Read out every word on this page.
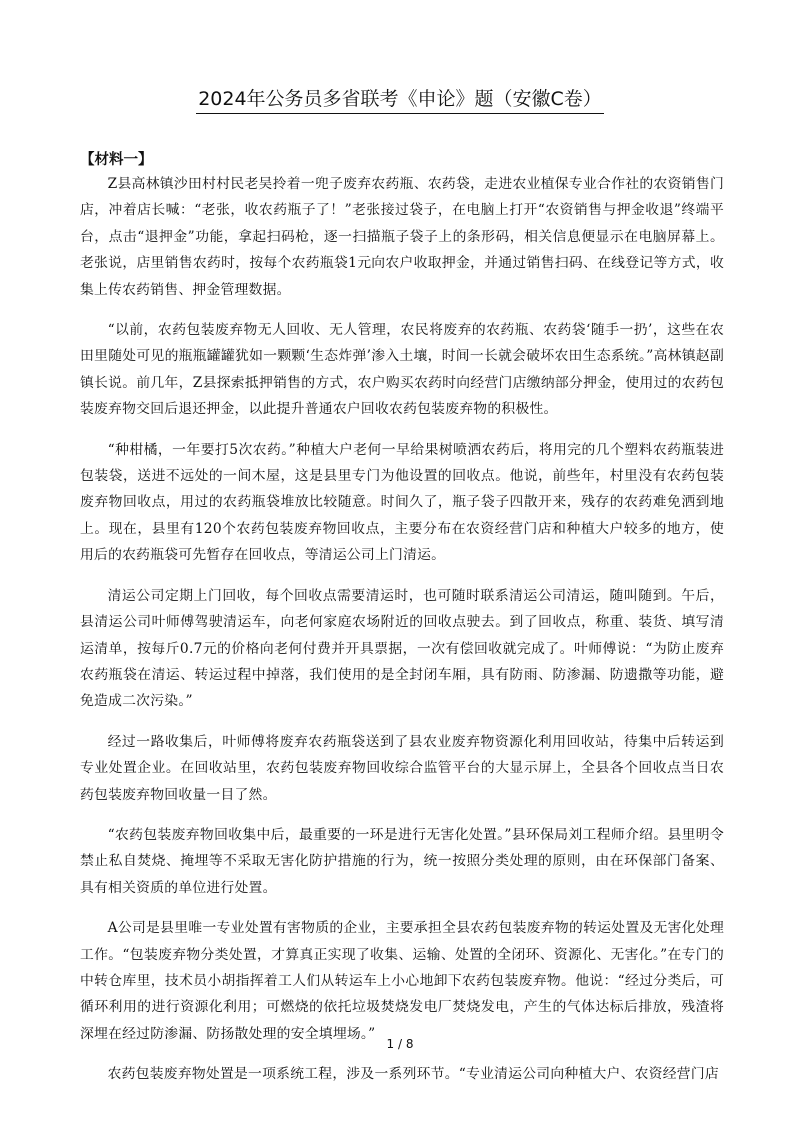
2024年公务员多省联考《申论》题（安徽C卷）
【材料一】

Z县高林镇沙田村村民老吴拎着一兜子废弃农药瓶、农药袋，走进农业植保专业合作社的农资销售门店，冲着店长喊：“老张，收农药瓶子了！”老张接过袋子，在电脑上打开“农资销售与押金收退”终端平台，点击“退押金”功能，拿起扫码枪，逐一扫描瓶子袋子上的条形码，相关信息便显示在电脑屏幕上。老张说，店里销售农药时，按每个农药瓶袋1元向农户收取押金，并通过销售扫码、在线登记等方式，收集上传农药销售、押金管理数据。

“以前，农药包装废弃物无人回收、无人管理，农民将废弃的农药瓶、农药袋‘随手一扔’，这些在农田里随处可见的瓶瓶罐罐犹如一颗颗‘生态炸弹’渗入土壤，时间一长就会破坏农田生态系统。”高林镇赵副镇长说。前几年，Z县探索抵押销售的方式，农户购买农药时向经营门店缴纳部分押金，使用过的农药包装废弃物交回后退还押金，以此提升普通农户回收农药包装废弃物的积极性。

“种柑橘，一年要打5次农药。”种植大户老何一早给果树喷洒农药后，将用完的几个塑料农药瓶装进包装袋，送进不远处的一间木屋，这是县里专门为他设置的回收点。他说，前些年，村里没有农药包装废弃物回收点，用过的农药瓶袋堆放比较随意。时间久了，瓶子袋子四散开来，残存的农药难免洒到地上。现在，县里有120个农药包装废弃物回收点，主要分布在农资经营门店和种植大户较多的地方，使用后的农药瓶袋可先暂存在回收点，等清运公司上门清运。

清运公司定期上门回收，每个回收点需要清运时，也可随时联系清运公司清运，随叫随到。午后，县清运公司叶师傅驾驶清运车，向老何家庭农场附近的回收点驶去。到了回收点，称重、装货、填写清运清单，按每斤0.7元的价格向老何付费并开具票据，一次有偿回收就完成了。叶师傅说：“为防止废弃农药瓶袋在清运、转运过程中掉落，我们使用的是全封闭车厢，具有防雨、防渗漏、防遗撒等功能，避免造成二次污染。”

经过一路收集后，叶师傅将废弃农药瓶袋送到了县农业废弃物资源化利用回收站，待集中后转运到专业处置企业。在回收站里，农药包装废弃物回收综合监管平台的大显示屏上，全县各个回收点当日农药包装废弃物回收量一目了然。

“农药包装废弃物回收集中后，最重要的一环是进行无害化处置。”县环保局刘工程师介绍。县里明令禁止私自焚烧、掩埋等不采取无害化防护措施的行为，统一按照分类处理的原则，由在环保部门备案、具有相关资质的单位进行处置。

A公司是县里唯一专业处置有害物质的企业，主要承担全县农药包装废弃物的转运处置及无害化处理工作。“包装废弃物分类处置，才算真正实现了收集、运输、处置的全闭环、资源化、无害化。”在专门的中转仓库里，技术员小胡指挥着工人们从转运车上小心地卸下农药包装废弃物。他说：“经过分类后，可循环利用的进行资源化利用；可燃烧的依托垃圾焚烧发电厂焚烧发电，产生的气体达标后排放，残渣将深埋在经过防渗漏、防扬散处理的安全填埋场。”

农药包装废弃物处置是一项系统工程，涉及一系列环节。“专业清运公司向种植大户、农资经营门店

1 / 8
